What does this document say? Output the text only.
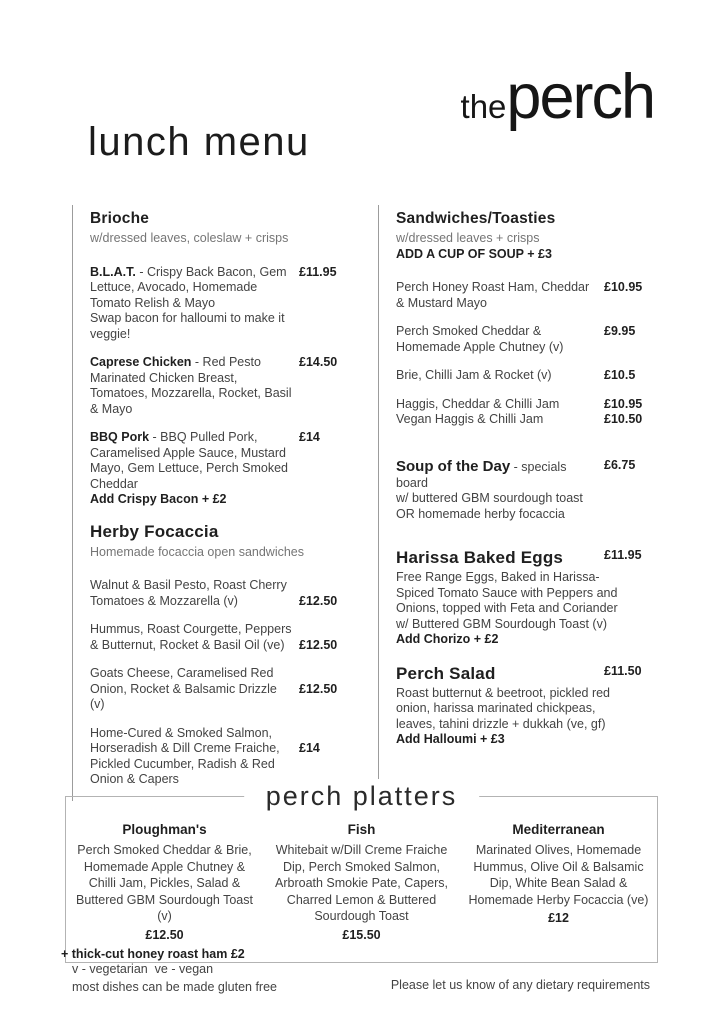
the perch
lunch menu
Brioche

w/dressed leaves, coleslaw + crisps

B.L.A.T. - Crispy Back Bacon, Gem Lettuce, Avocado, Homemade Tomato Relish & Mayo
Swap bacon for halloumi to make it veggie!
£11.95
Caprese Chicken - Red Pesto Marinated Chicken Breast, Tomatoes, Mozzarella, Rocket, Basil & Mayo
£14.50
BBQ Pork - BBQ Pulled Pork, Caramelised Apple Sauce, Mustard Mayo, Gem Lettuce, Perch Smoked Cheddar
Add Crispy Bacon + £2
£14
Herby Focaccia

Homemade focaccia open sandwiches

Walnut & Basil Pesto, Roast Cherry Tomatoes & Mozzarella (v)	£12.50
Hummus, Roast Courgette, Peppers & Butternut, Rocket & Basil Oil (ve)	£12.50
Goats Cheese, Caramelised Red Onion, Rocket & Balsamic Drizzle (v)
£12.50
Home-Cured & Smoked Salmon, Horseradish & Dill Creme Fraiche, Pickled Cucumber, Radish & Red Onion & Capers
£14
Sandwiches/Toasties

w/dressed leaves + crisps

ADD A CUP OF SOUP + £3

Perch Honey Roast Ham, Cheddar & Mustard Mayo
£10.95
Perch Smoked Cheddar & Homemade Apple Chutney (v)
£9.95
Brie, Chilli Jam & Rocket (v)	£10.5
Haggis, Cheddar & Chilli Jam	£10.95
Vegan Haggis & Chilli Jam	£10.50
Soup of the Day - specials board
w/ buttered GBM sourdough toast OR homemade herby focaccia
£6.75
Harissa Baked Eggs	£11.95
Free Range Eggs, Baked in Harissa-Spiced Tomato Sauce with Peppers and Onions, topped with Feta and Coriander w/ Buttered GBM Sourdough Toast (v)
Add Chorizo + £2
Perch Salad	£11.50
Roast butternut & beetroot, pickled red onion, harissa marinated chickpeas, leaves, tahini drizzle + dukkah (ve, gf)
Add Halloumi + £3
perch platters
Ploughman's

Perch Smoked Cheddar & Brie, Homemade Apple Chutney & Chilli Jam, Pickles, Salad & Buttered GBM Sourdough Toast (v)

£12.50
+ thick-cut honey roast ham £2
Fish

Whitebait w/Dill Creme Fraiche Dip, Perch Smoked Salmon, Arbroath Smokie Pate, Capers, Charred Lemon & Buttered Sourdough Toast

£15.50
Mediterranean

Marinated Olives, Homemade Hummus, Olive Oil & Balsamic Dip, White Bean Salad & Homemade Herby Focaccia (ve)

£12
v - vegetarian  ve - vegan
most dishes can be made gluten free	Please let us know of any dietary requirements
